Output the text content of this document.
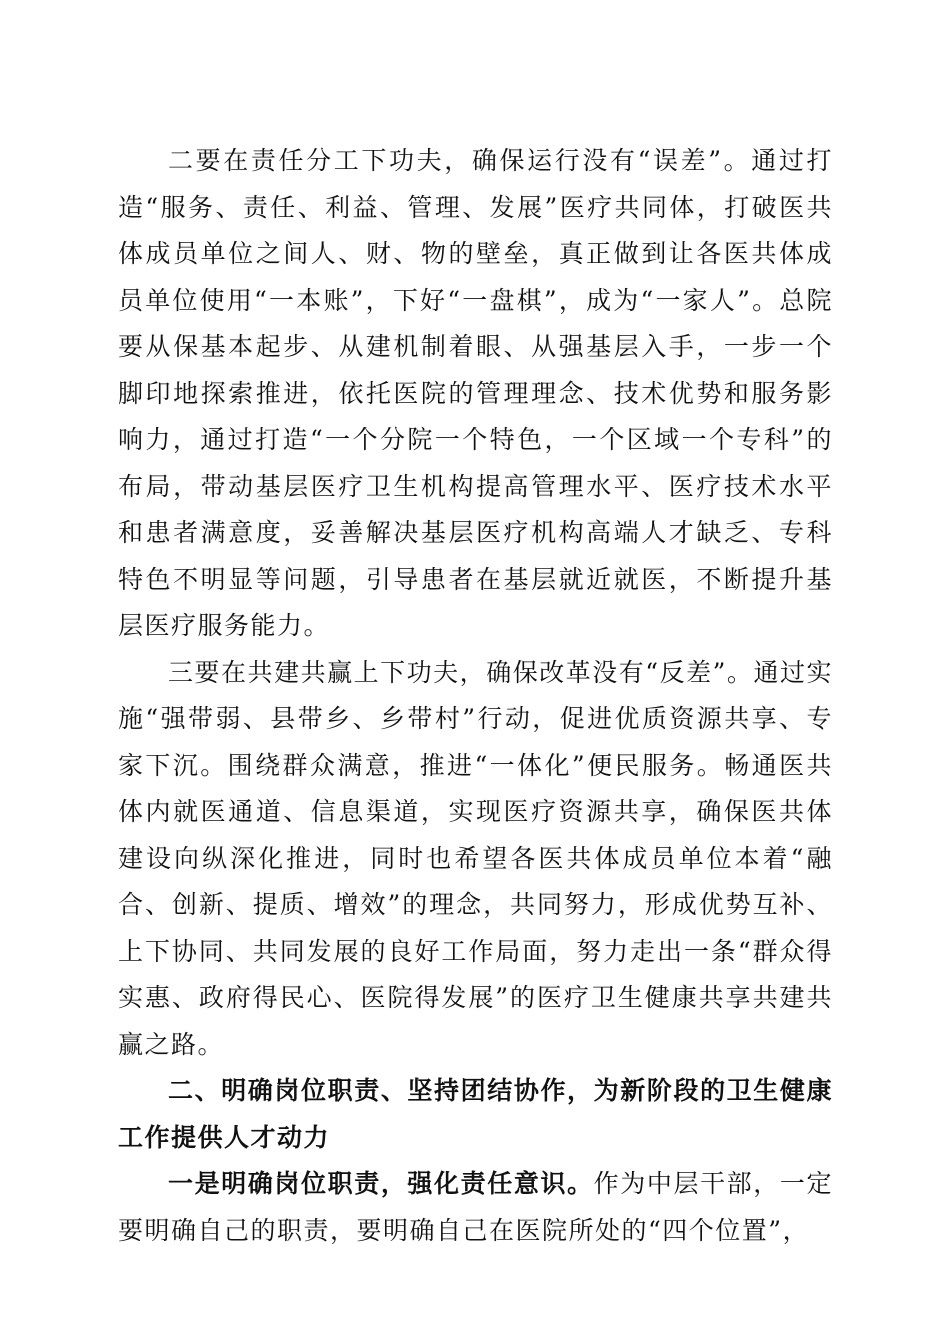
二要在责任分工下功夫，确保运行没有“误差”。通过打造“服务、责任、利益、管理、发展”医疗共同体，打破医共体成员单位之间人、财、物的壁垒，真正做到让各医共体成员单位使用“一本账”，下好“一盘棋”，成为“一家人”。总院要从保基本起步、从建机制着眼、从强基层入手，一步一个脚印地探索推进，依托医院的管理理念、技术优势和服务影响力，通过打造“一个分院一个特色，一个区域一个专科”的布局，带动基层医疗卫生机构提高管理水平、医疗技术水平和患者满意度，妥善解决基层医疗机构高端人才缺乏、专科特色不明显等问题，引导患者在基层就近就医，不断提升基层医疗服务能力。

三要在共建共赢上下功夫，确保改革没有“反差”。通过实施“强带弱、县带乡、乡带村”行动，促进优质资源共享、专家下沉。围绕群众满意，推进“一体化”便民服务。畅通医共体内就医通道、信息渠道，实现医疗资源共享，确保医共体建设向纵深化推进，同时也希望各医共体成员单位本着“融合、创新、提质、增效”的理念，共同努力，形成优势互补、上下协同、共同发展的良好工作局面，努力走出一条“群众得实惠、政府得民心、医院得发展”的医疗卫生健康共享共建共赢之路。

二、明确岗位职责、坚持团结协作，为新阶段的卫生健康工作提供人才动力

一是明确岗位职责，强化责任意识。作为中层干部，一定要明确自己的职责，要明确自己在医院所处的“四个位置”，
